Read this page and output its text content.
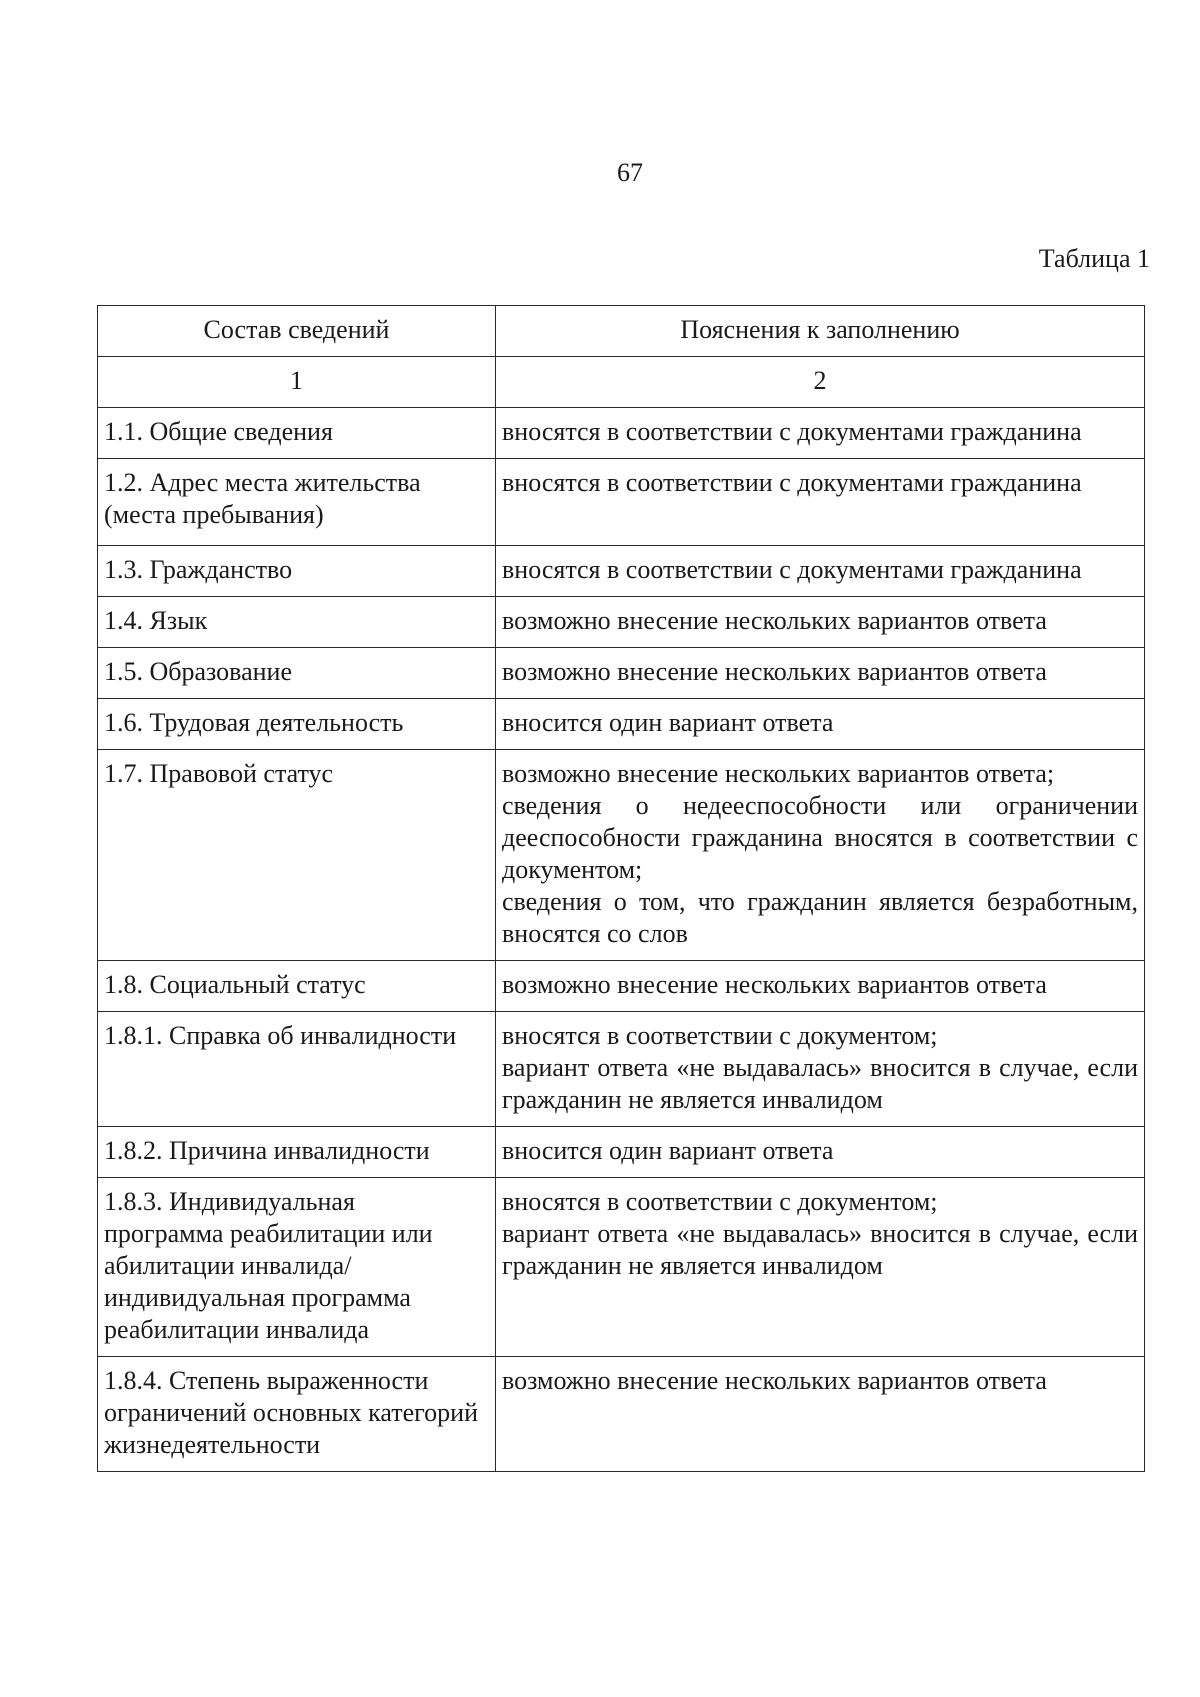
67
Таблица 1
Состав сведений	Пояснения к заполнению
1	2
1.1. Общие сведения	вносятся в соответствии с документами гражданина
1.2. Адрес места жительства (места пребывания)	вносятся в соответствии с документами гражданина
1.3. Гражданство	вносятся в соответствии с документами гражданина
1.4. Язык	возможно внесение нескольких вариантов ответа
1.5. Образование	возможно внесение нескольких вариантов ответа
1.6. Трудовая деятельность	вносится один вариант ответа
1.7. Правовой статус	возможно внесение нескольких вариантов ответа;
сведения о недееспособности или ограничении дееспособности гражданина вносятся в соответствии с документом;
сведения о том, что гражданин является безработным, вносятся со слов

1.8. Социальный статус	возможно внесение нескольких вариантов ответа
1.8.1. Справка об инвалидности	вносятся в соответствии с документом;
вариант ответа «не выдавалась» вносится в случае, если гражданин не является инвалидом

1.8.2. Причина инвалидности	вносится один вариант ответа
1.8.3. Индивидуальная программа реабилитации или абилитации инвалида/индивидуальная программа реабилитации инвалида	вносятся в соответствии с документом;
вариант ответа «не выдавалась» вносится в случае, если гражданин не является инвалидом

1.8.4. Степень выраженности ограничений основных категорий жизнедеятельности	возможно внесение нескольких вариантов ответа
